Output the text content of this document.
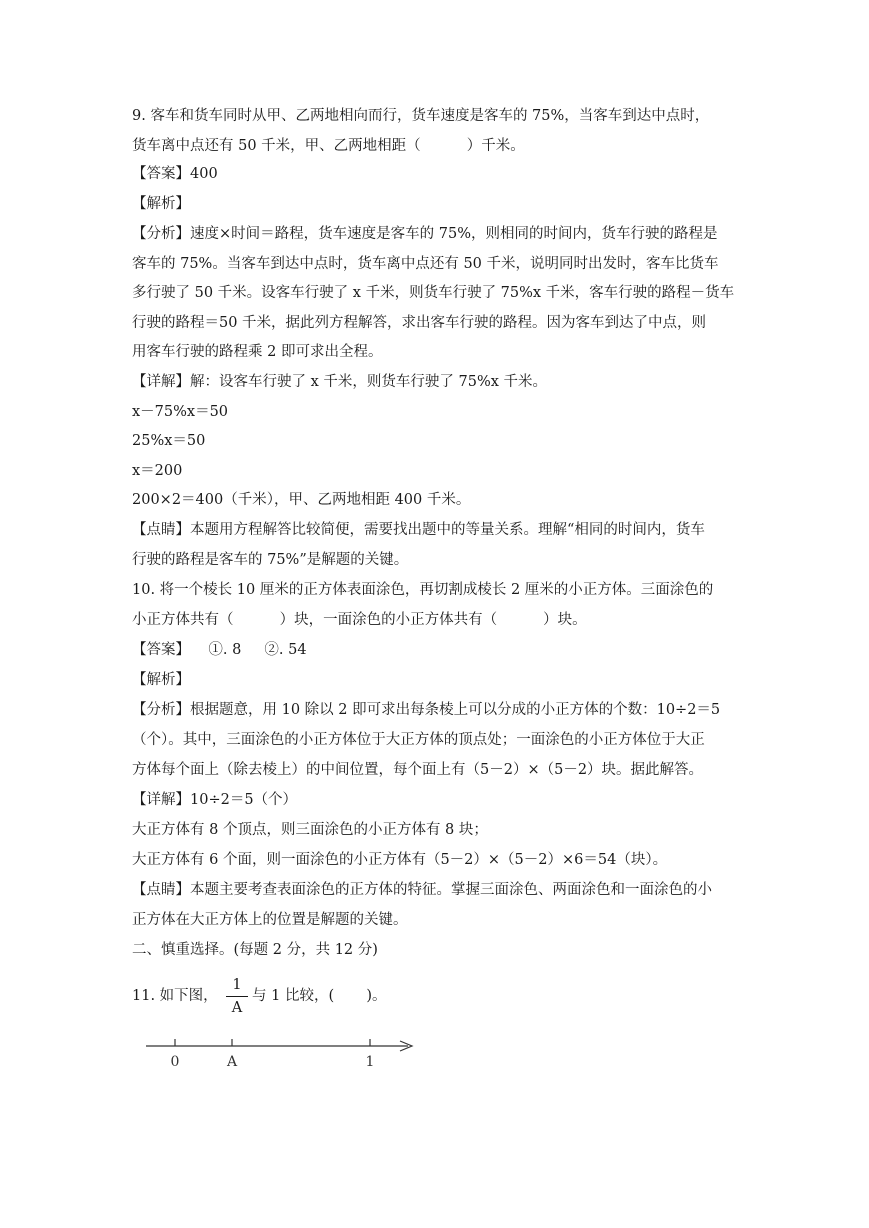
9. 客车和货车同时从甲、乙两地相向而行，货车速度是客车的 75%，当客车到达中点时，
货车离中点还有 50 千米，甲、乙两地相距（          ）千米。
【答案】400
【解析】
【分析】速度×时间＝路程，货车速度是客车的 75%，则相同的时间内，货车行驶的路程是
客车的 75%。当客车到达中点时，货车离中点还有 50 千米，说明同时出发时，客车比货车
多行驶了 50 千米。设客车行驶了 x 千米，则货车行驶了 75%x 千米，客车行驶的路程－货车
行驶的路程＝50 千米，据此列方程解答，求出客车行驶的路程。因为客车到达了中点，则
用客车行驶的路程乘 2 即可求出全程。
【详解】解：设客车行驶了 x 千米，则货车行驶了 75%x 千米。
x－75%x＝50
25%x＝50
x＝200
200×2＝400（千米），甲、乙两地相距 400 千米。
【点睛】本题用方程解答比较简便，需要找出题中的等量关系。理解“相同的时间内，货车
行驶的路程是客车的 75%”是解题的关键。
10. 将一个棱长 10 厘米的正方体表面涂色，再切割成棱长 2 厘米的小正方体。三面涂色的
小正方体共有（          ）块，一面涂色的小正方体共有（          ）块。
【答案】    ①. 8     ②. 54
【解析】
【分析】根据题意，用 10 除以 2 即可求出每条棱上可以分成的小正方体的个数：10÷2＝5
（个）。其中，三面涂色的小正方体位于大正方体的顶点处；一面涂色的小正方体位于大正
方体每个面上（除去棱上）的中间位置，每个面上有（5－2）×（5－2）块。据此解答。
【详解】10÷2＝5（个）
大正方体有 8 个顶点，则三面涂色的小正方体有 8 块；
大正方体有 6 个面，则一面涂色的小正方体有（5－2）×（5－2）×6＝54（块）。
【点睛】本题主要考查表面涂色的正方体的特征。掌握三面涂色、两面涂色和一面涂色的小
正方体在大正方体上的位置是解题的关键。
二、慎重选择。(每题 2 分，共 12 分)
11. 如下图，
1
A
与 1 比较，(       )。
0	A	1
